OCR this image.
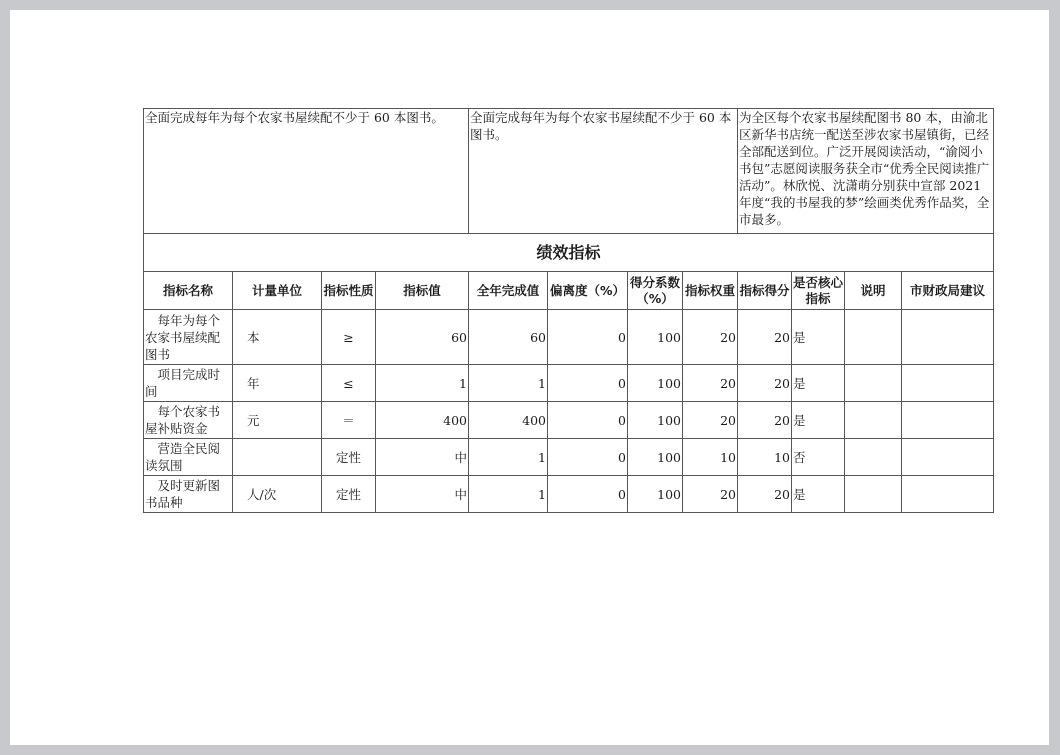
全面完成每年为每个农家书屋续配不少于 60 本图书。	全面完成每年为每个农家书屋续配不少于 60 本图书。	为全区每个农家书屋续配图书 80 本，由渝北区新华书店统一配送至涉农家书屋镇街，已经全部配送到位。广泛开展阅读活动，“渝阅小书包”志愿阅读服务获全市“优秀全民阅读推广活动”。林欣悦、沈潇萌分别获中宣部 2021 年度“我的书屋我的梦”绘画类优秀作品奖，全市最多。
绩效指标											
指标名称	计量单位	指标性质	指标值	全年完成值	偏离度（%）	得分系数（%）	指标权重	指标得分	是否核心指标	说明	市财政局建议
每年为每个农家书屋续配图书	本	≥	60	60	0	100	20	20	是		
项目完成时间	年	≤	1	1	0	100	20	20	是		
每个农家书屋补贴资金	元	＝	400	400	0	100	20	20	是		
营造全民阅读氛围		定性	中	1	0	100	10	10	否		
及时更新图书品种	人/次	定性	中	1	0	100	20	20	是		
